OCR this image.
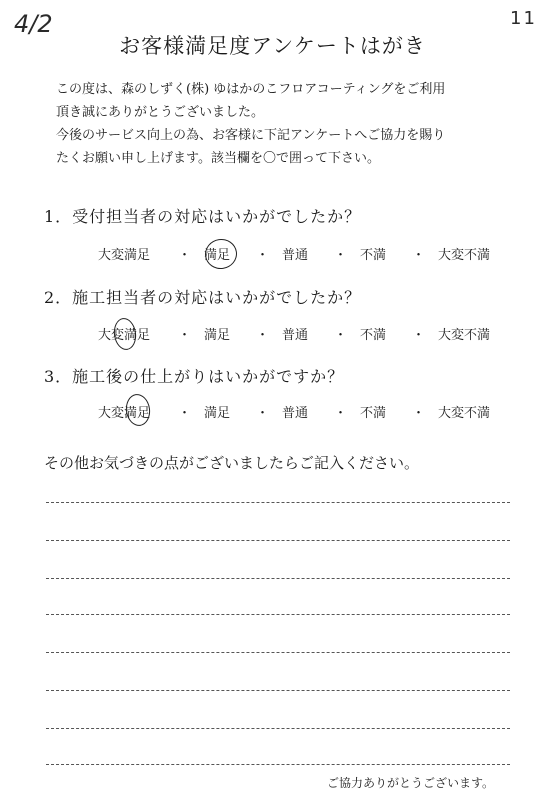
4/2	11
お客様満足度アンケートはがき
この度は、森のしずく(株) ゆはかのこフロアコーティングをご利用
頂き誠にありがとうございました。
今後のサービス向上の為、お客様に下記アンケートへご協力を賜り
たくお願い申し上げます。該当欄を〇で囲って下さい。
1．受付担当者の対応はいかがでしたか？
大変満足 ・ 満足 ・ 普通 ・ 不満 ・ 大変不満
2．施工担当者の対応はいかがでしたか？
大変満足 ・ 満足 ・ 普通 ・ 不満 ・ 大変不満
3．施工後の仕上がりはいかがですか？
大変満足 ・ 満足 ・ 普通 ・ 不満 ・ 大変不満
その他お気づきの点がございましたらご記入ください。
ご協力ありがとうございます。
